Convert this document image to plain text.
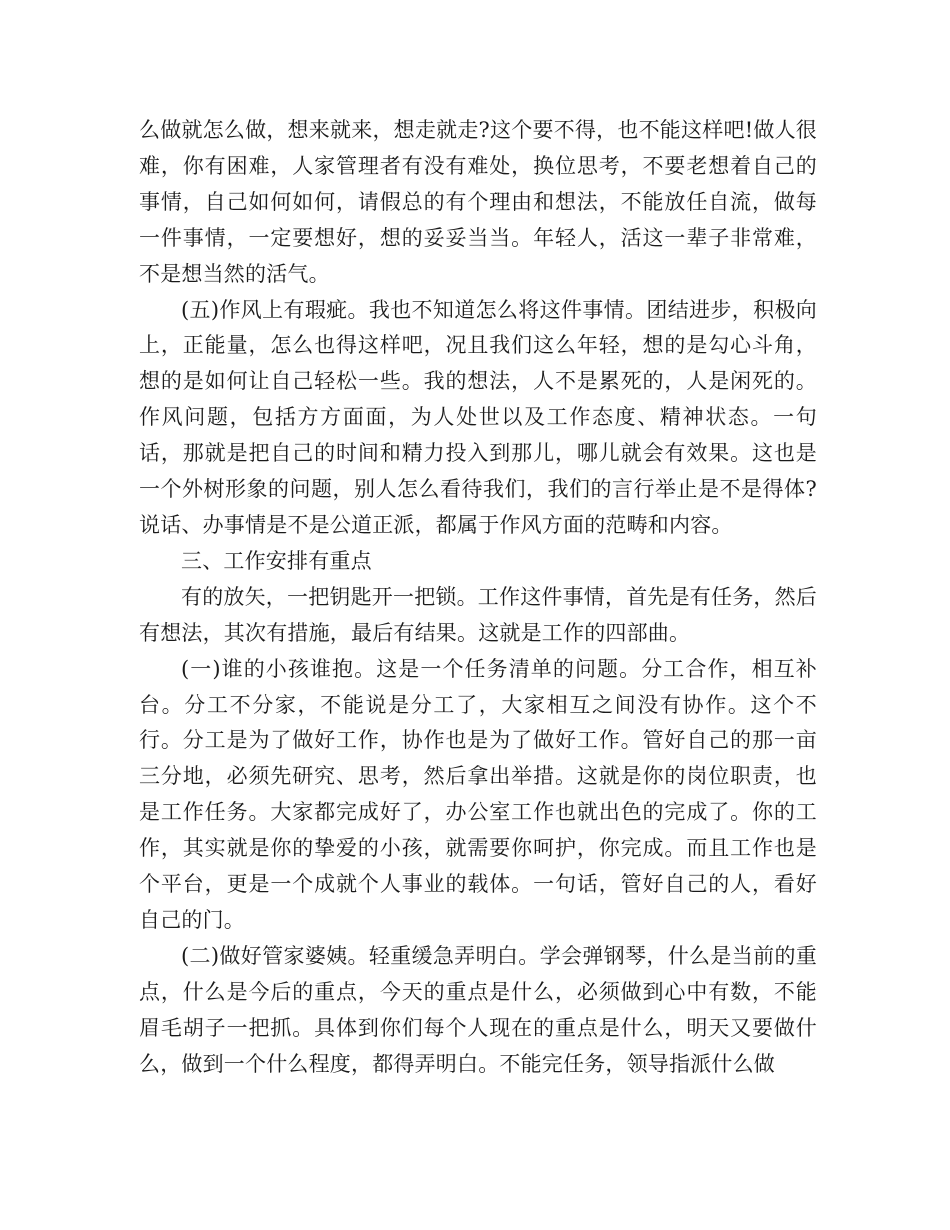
么做就怎么做，想来就来，想走就走?这个要不得，也不能这样吧!做人很难，你有困难，人家管理者有没有难处，换位思考，不要老想着自己的事情，自己如何如何，请假总的有个理由和想法，不能放任自流，做每一件事情，一定要想好，想的妥妥当当。年轻人，活这一辈子非常难，不是想当然的活气。

(五)作风上有瑕疵。我也不知道怎么将这件事情。团结进步，积极向上，正能量，怎么也得这样吧，况且我们这么年轻，想的是勾心斗角，想的是如何让自己轻松一些。我的想法，人不是累死的，人是闲死的。作风问题，包括方方面面，为人处世以及工作态度、精神状态。一句话，那就是把自己的时间和精力投入到那儿，哪儿就会有效果。这也是一个外树形象的问题，别人怎么看待我们，我们的言行举止是不是得体?说话、办事情是不是公道正派，都属于作风方面的范畴和内容。

三、工作安排有重点

有的放矢，一把钥匙开一把锁。工作这件事情，首先是有任务，然后有想法，其次有措施，最后有结果。这就是工作的四部曲。

(一)谁的小孩谁抱。这是一个任务清单的问题。分工合作，相互补台。分工不分家，不能说是分工了，大家相互之间没有协作。这个不行。分工是为了做好工作，协作也是为了做好工作。管好自己的那一亩三分地，必须先研究、思考，然后拿出举措。这就是你的岗位职责，也是工作任务。大家都完成好了，办公室工作也就出色的完成了。你的工作，其实就是你的挚爱的小孩，就需要你呵护，你完成。而且工作也是个平台，更是一个成就个人事业的载体。一句话，管好自己的人，看好自己的门。

(二)做好管家婆姨。轻重缓急弄明白。学会弹钢琴，什么是当前的重点，什么是今后的重点，今天的重点是什么，必须做到心中有数，不能眉毛胡子一把抓。具体到你们每个人现在的重点是什么，明天又要做什么，做到一个什么程度，都得弄明白。不能完任务，领导指派什么做
